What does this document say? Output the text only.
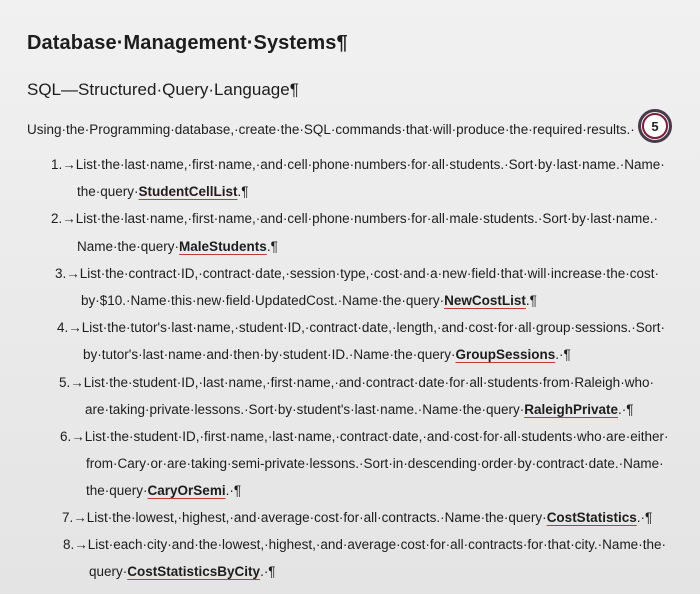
Database·Management·Systems¶
SQL—Structured·Query·Language¶
Using·the·Programming·database,·create·the·SQL·commands·that·will·produce·the·required·results.·	5
1.→List·the·last·name,·first·name,·and·cell·phone·numbers·for·all·students.·Sort·by·last·name.·Name·
the·query·StudentCellList.¶
2.→List·the·last·name,·first·name,·and·cell·phone·numbers·for·all·male·students.·Sort·by·last·name.·
Name·the·query·MaleStudents.¶
3.→List·the·contract·ID,·contract·date,·session·type,·cost·and·a·new·field·that·will·increase·the·cost·
by·$10.·Name·this·new·field·UpdatedCost.·Name·the·query·NewCostList.¶
4.→List·the·tutor's·last·name,·student·ID,·contract·date,·length,·and·cost·for·all·group·sessions.·Sort·
by·tutor's·last·name·and·then·by·student·ID.·Name·the·query·GroupSessions.·¶
5.→List·the·student·ID,·last·name,·first·name,·and·contract·date·for·all·students·from·Raleigh·who·
are·taking·private·lessons.·Sort·by·student's·last·name.·Name·the·query·RaleighPrivate.·¶
6.→List·the·student·ID,·first·name,·last·name,·contract·date,·and·cost·for·all·students·who·are·either·
from·Cary·or·are·taking·semi-private·lessons.·Sort·in·descending·order·by·contract·date.·Name·
the·query·CaryOrSemi.·¶
7.→List·the·lowest,·highest,·and·average·cost·for·all·contracts.·Name·the·query·CostStatistics.·¶
8.→List·each·city·and·the·lowest,·highest,·and·average·cost·for·all·contracts·for·that·city.·Name·the·
query·CostStatisticsByCity.·¶
